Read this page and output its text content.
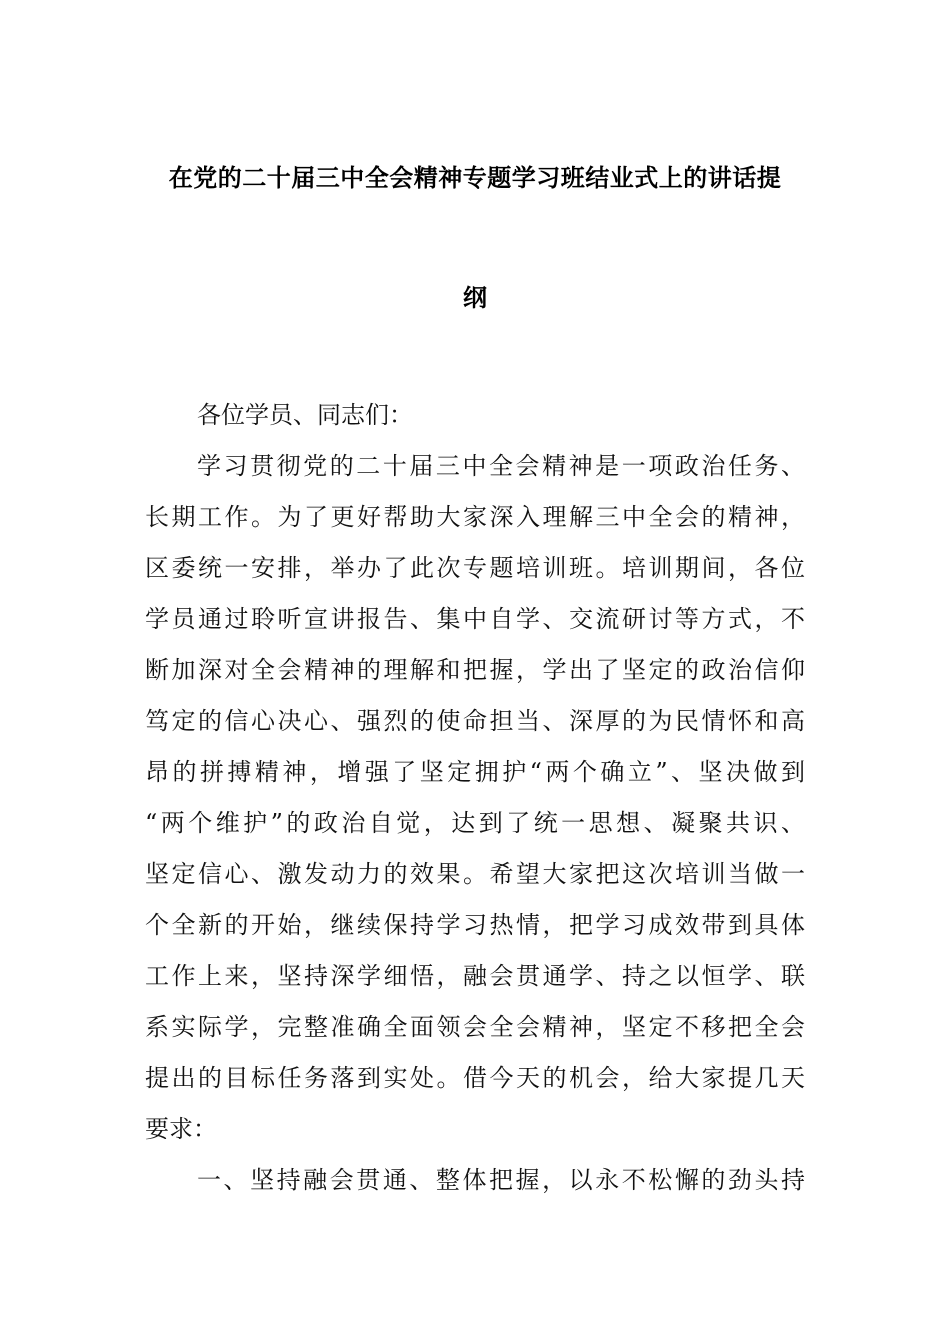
在党的二十届三中全会精神专题学习班结业式上的讲话提
纲
各位学员、同志们：
学习贯彻党的二十届三中全会精神是一项政治任务、
长期工作。为了更好帮助大家深入理解三中全会的精神，
区委统一安排，举办了此次专题培训班。培训期间，各位
学员通过聆听宣讲报告、集中自学、交流研讨等方式，不
断加深对全会精神的理解和把握，学出了坚定的政治信仰
笃定的信心决心、强烈的使命担当、深厚的为民情怀和高
昂的拼搏精神，增强了坚定拥护“两个确立”、坚决做到
“两个维护”的政治自觉，达到了统一思想、凝聚共识、
坚定信心、激发动力的效果。希望大家把这次培训当做一
个全新的开始，继续保持学习热情，把学习成效带到具体
工作上来，坚持深学细悟，融会贯通学、持之以恒学、联
系实际学，完整准确全面领会全会精神，坚定不移把全会
提出的目标任务落到实处。借今天的机会，给大家提几天
要求：
一、坚持融会贯通、整体把握，以永不松懈的劲头持
